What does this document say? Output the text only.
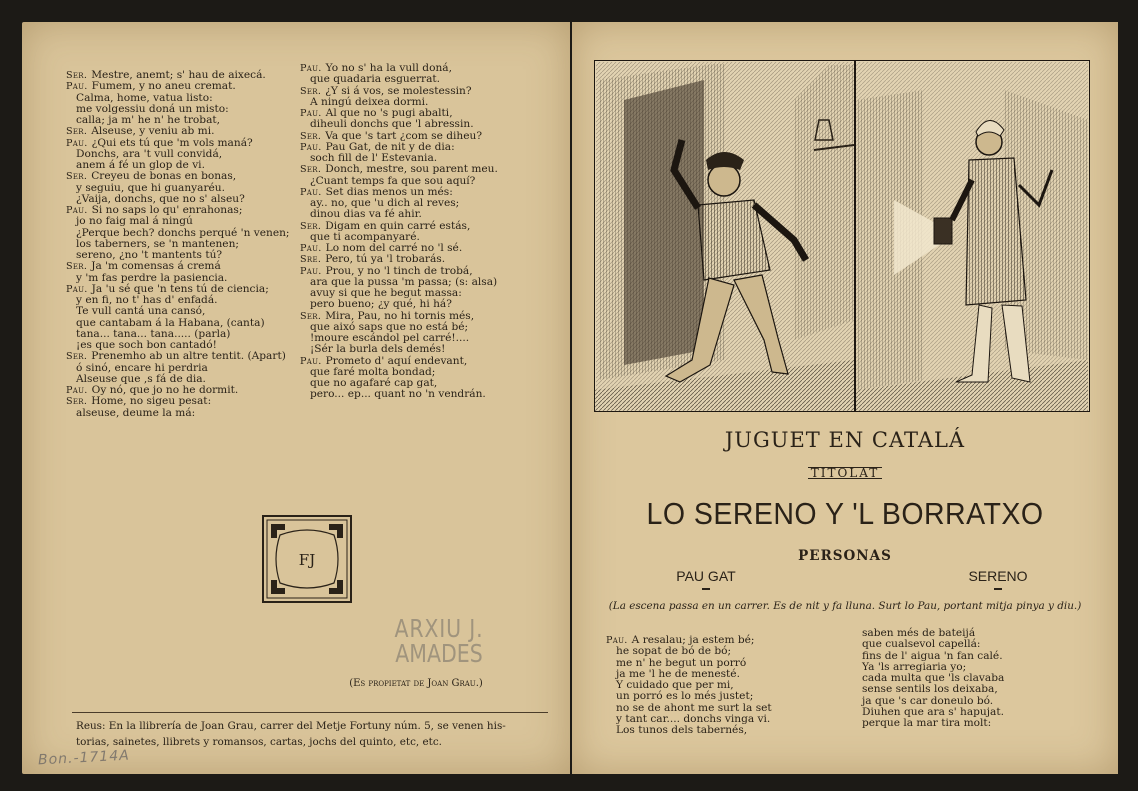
Ser. Mestre, anemt; s' hau de aixecá.
Pau. Fumem, y no aneu cremat.
Calma, home, vatua listo:
me volgessiu doná un misto:
calla; ja m' he n' he trobat,
Ser. Alseuse, y veniu ab mi.
Pau. ¿Qui ets tú que 'm vols maná?
Donchs, ara 't vull convidá,
anem á fé un glop de vi.
Ser. Creyeu de bonas en bonas,
y seguiu, que hi guanyaréu.
¿Vaija, donchs, que no s' alseu?
Pau. Si no saps lo qu' enrahonas;
jo no faig mal á ningú
¿Perque bech? donchs perqué 'n venen;
los taberners, se 'n mantenen;
sereno, ¿no 't mantents tú?
Ser. Ja 'm comensas á cremá
y 'm fas perdre la pasiencia.
Pau. Ja 'u sé que 'n tens tú de ciencia;
y en fi, no t' has d' enfadá.
Te vull cantá una cansó,
que cantabam á la Habana, (canta)
tana... tana... tana..... (parla)
¡es que soch bon cantadó!
Ser. Prenemho ab un altre tentit. (Apart)
ó sinó, encare hi perdria
Alseuse que ,s fá de dia.
Pau. Oy nó, que jo no he dormit.
Ser. Home, no sigeu pesat:
alseuse, deume la má:
Pau. Yo no s' ha la vull doná,
que quadaria esguerrat.
Ser. ¿Y si á vos, se molestessin?
A ningú deixea dormi.
Pau. Al que no 's pugi abalti,
diheuli donchs que 'l abressin.
Ser. Va que 's tart ¿com se diheu?
Pau. Pau Gat, de nit y de dia:
soch fill de l' Estevania.
Ser. Donch, mestre, sou parent meu.
¿Cuant temps fa que sou aquí?
Pau. Set dias menos un més:
ay.. no, que 'u dich al reves;
dinou dias va fé ahir.
Ser. Digam en quin carré estás,
que ti acompanyaré.
Pau. Lo nom del carré no 'l sé.
Sre. Pero, tú ya 'l trobarás.
Pau. Prou, y no 'l tinch de trobá,
ara que la pussa 'm passa; (s: alsa)
avuy si que he begut massa:
pero bueno; ¿y qué, hi há?
Ser. Mira, Pau, no hi tornis més,
que aixó saps que no está bé;
!moure escándol pel carré!....
¡Sér la burla dels demés!
Pau. Prometo d' aquí endevant,
que faré molta bondad;
que no agafaré cap gat,
pero... ep... quant no 'n vendrán.
FJ
ARXIU J.
AMADES
(Es propietat de Joan Grau.)
Reus: En la llibrería de Joan Grau, carrer del Metje Fortuny núm. 5, se venen his-
torias, sainetes, llibrets y romansos, cartas, jochs del quinto, etc, etc.
Bon.-1714A
JUGUET EN CATALÁ
TITOLAT
LO SERENO Y 'L BORRATXO
PERSONAS
PAU GAT	SERENO
(La escena passa en un carrer. Es de nit y fa lluna. Surt lo Pau, portant mitja pinya y diu.)
Pau. A resalau; ja estem bé;
he sopat de bó de bó;
me n' he begut un porró
ja me 'l he de menesté.
Y cuidado que per mi,
un porró es lo més justet;
no se de ahont me surt la set
y tant car.... donchs vinga vi.
Los tunos dels tabernés,
saben més de bateijá
que cualsevol capellá:
fins de l' aigua 'n fan calé.
Ya 'ls arregiaria yo;
cada multa que 'ls clavaba
sense sentils los deixaba,
ja que 's car doneulo bó.
Diuhen que ara s' hapujat.
perque la mar tira molt:
